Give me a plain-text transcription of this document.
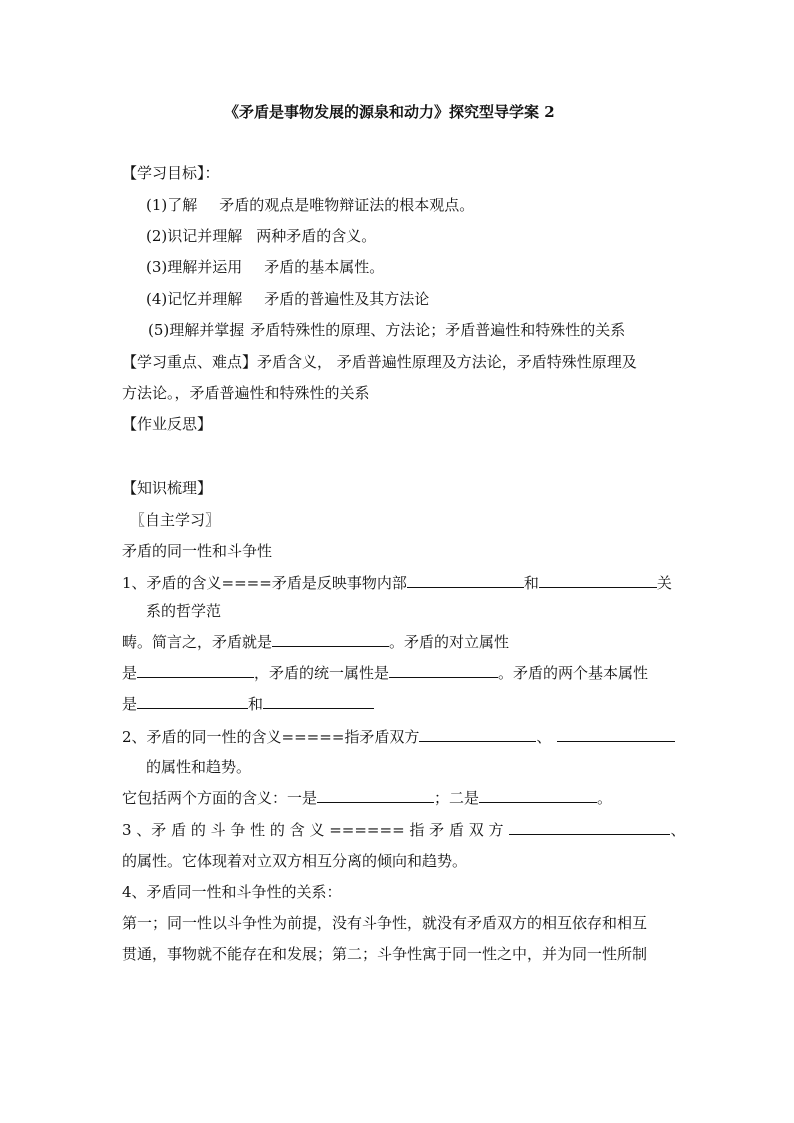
《矛盾是事物发展的源泉和动力》探究型导学案 2
【学习目标】：
(1)了解 矛盾的观点是唯物辩证法的根本观点。
(2)识记并理解 两种矛盾的含义。
(3)理解并运用 矛盾的基本属性。
(4)记忆并理解 矛盾的普遍性及其方法论
(5)理解并掌握 矛盾特殊性的原理、方法论；矛盾普遍性和特殊性的关系
【学习重点、难点】矛盾含义， 矛盾普遍性原理及方法论，矛盾特殊性原理及
方法论。，矛盾普遍性和特殊性的关系
【作业反思】
【知识梳理】
〖自主学习〗
矛盾的同一性和斗争性
1、矛盾的含义====矛盾是反映事物内部	和	关
系的哲学范
畴。简言之，矛盾就是	。矛盾的对立属性
是	，矛盾的统一属性是	。矛盾的两个基本属性
是	和
2、矛盾的同一性的含义=====指矛盾双方	、
的属性和趋势。
它包括两个方面的含义：一是	；二是	。
3 、矛 盾 的 斗 争 性 的 含 义 ====== 指 矛 盾 双 方	、
的属性。它体现着对立双方相互分离的倾向和趋势。
4、矛盾同一性和斗争性的关系：
第一；同一性以斗争性为前提，没有斗争性，就没有矛盾双方的相互依存和相互
贯通，事物就不能存在和发展；第二；斗争性寓于同一性之中，并为同一性所制
